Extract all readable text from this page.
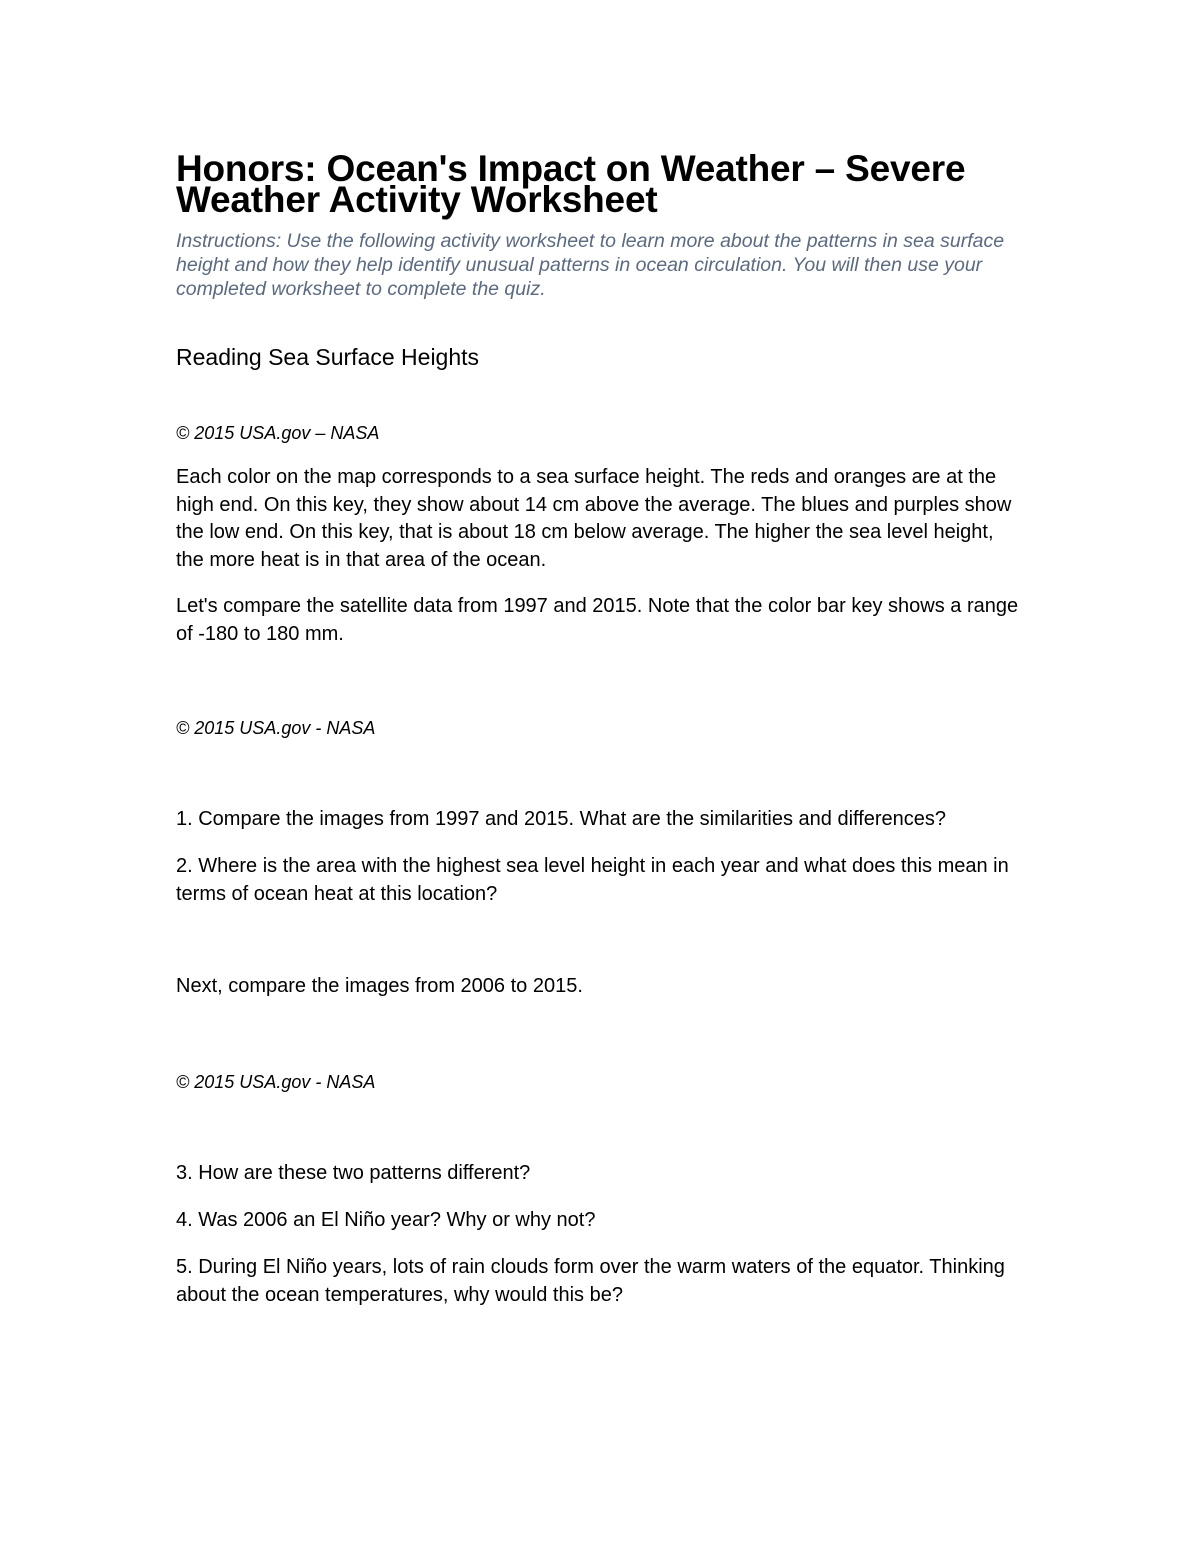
Honors: Ocean's Impact on Weather – Severe Weather Activity Worksheet

Instructions: Use the following activity worksheet to learn more about the patterns in sea surface height and how they help identify unusual patterns in ocean circulation. You will then use your completed worksheet to complete the quiz.

Reading Sea Surface Heights

© 2015 USA.gov – NASA

Each color on the map corresponds to a sea surface height. The reds and oranges are at the high end. On this key, they show about 14 cm above the average. The blues and purples show the low end. On this key, that is about 18 cm below average. The higher the sea level height, the more heat is in that area of the ocean.

Let's compare the satellite data from 1997 and 2015. Note that the color bar key shows a range of -180 to 180 mm.

© 2015 USA.gov - NASA

1. Compare the images from 1997 and 2015. What are the similarities and differences?

2. Where is the area with the highest sea level height in each year and what does this mean in terms of ocean heat at this location?

Next, compare the images from 2006 to 2015.

© 2015 USA.gov - NASA

3. How are these two patterns different?

4. Was 2006 an El Niño year? Why or why not?

5. During El Niño years, lots of rain clouds form over the warm waters of the equator. Thinking about the ocean temperatures, why would this be?
